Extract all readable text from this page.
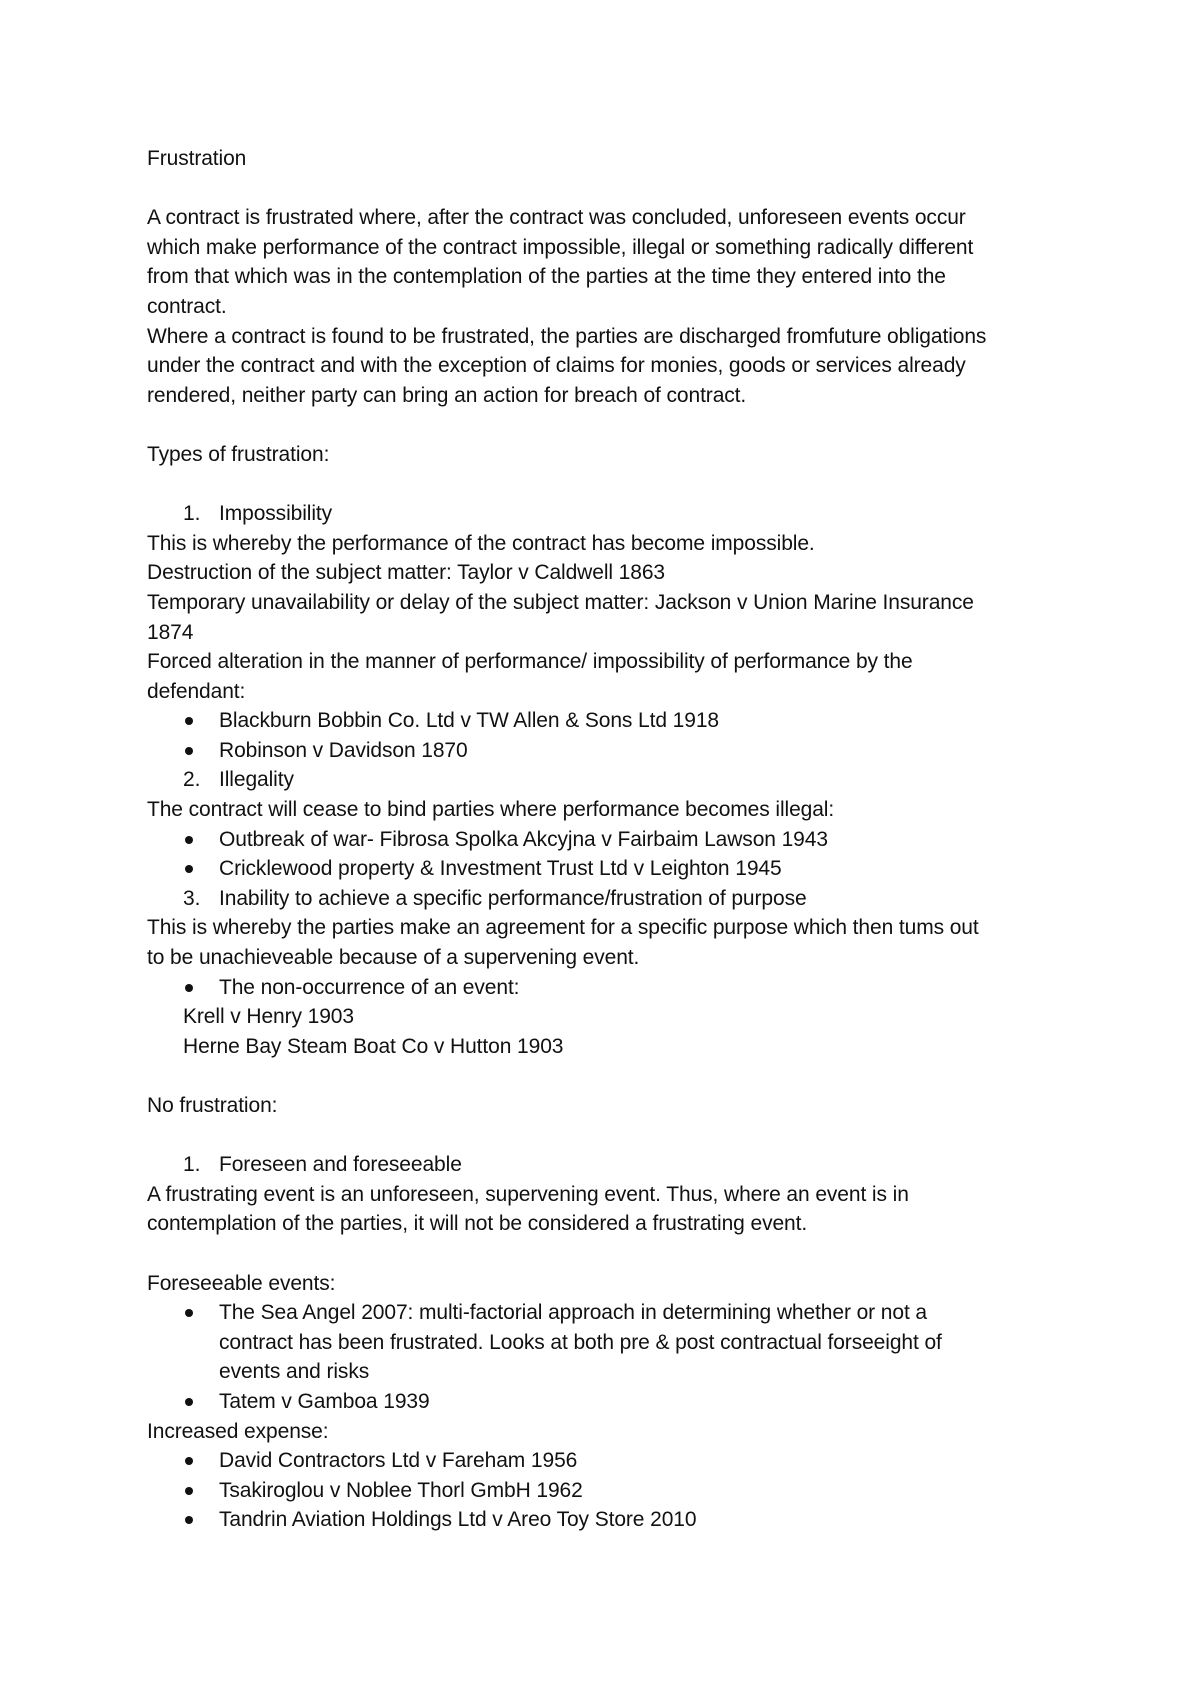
Frustration
A contract is frustrated where, after the contract was concluded, unforeseen events occur
which make performance of the contract impossible, illegal or something radically different
from that which was in the contemplation of the parties at the time they entered into the
contract.
Where a contract is found to be frustrated, the parties are discharged fromfuture obligations
under the contract and with the exception of claims for monies, goods or services already
rendered, neither party can bring an action for breach of contract.
Types of frustration:
1. Impossibility
This is whereby the performance of the contract has become impossible.
Destruction of the subject matter: Taylor v Caldwell 1863
Temporary unavailability or delay of the subject matter: Jackson v Union Marine Insurance
1874
Forced alteration in the manner of performance/ impossibility of performance by the
defendant:
Blackburn Bobbin Co. Ltd v TW Allen & Sons Ltd 1918
Robinson v Davidson 1870
2. Illegality
The contract will cease to bind parties where performance becomes illegal:
Outbreak of war- Fibrosa Spolka Akcyjna v Fairbaim Lawson 1943
Cricklewood property & Investment Trust Ltd v Leighton 1945
3. Inability to achieve a specific performance/frustration of purpose
This is whereby the parties make an agreement for a specific purpose which then tums out
to be unachieveable because of a supervening event.
The non-occurrence of an event:
Krell v Henry 1903
Herne Bay Steam Boat Co v Hutton 1903
No frustration:
1. Foreseen and foreseeable
A frustrating event is an unforeseen, supervening event. Thus, where an event is in
contemplation of the parties, it will not be considered a frustrating event.
Foreseeable events:
The Sea Angel 2007: multi-factorial approach in determining whether or not a contract has been frustrated. Looks at both pre & post contractual forseeight of events and risks
Tatem v Gamboa 1939
Increased expense:
David Contractors Ltd v Fareham 1956
Tsakiroglou v Noblee Thorl GmbH 1962
Tandrin Aviation Holdings Ltd v Areo Toy Store 2010
